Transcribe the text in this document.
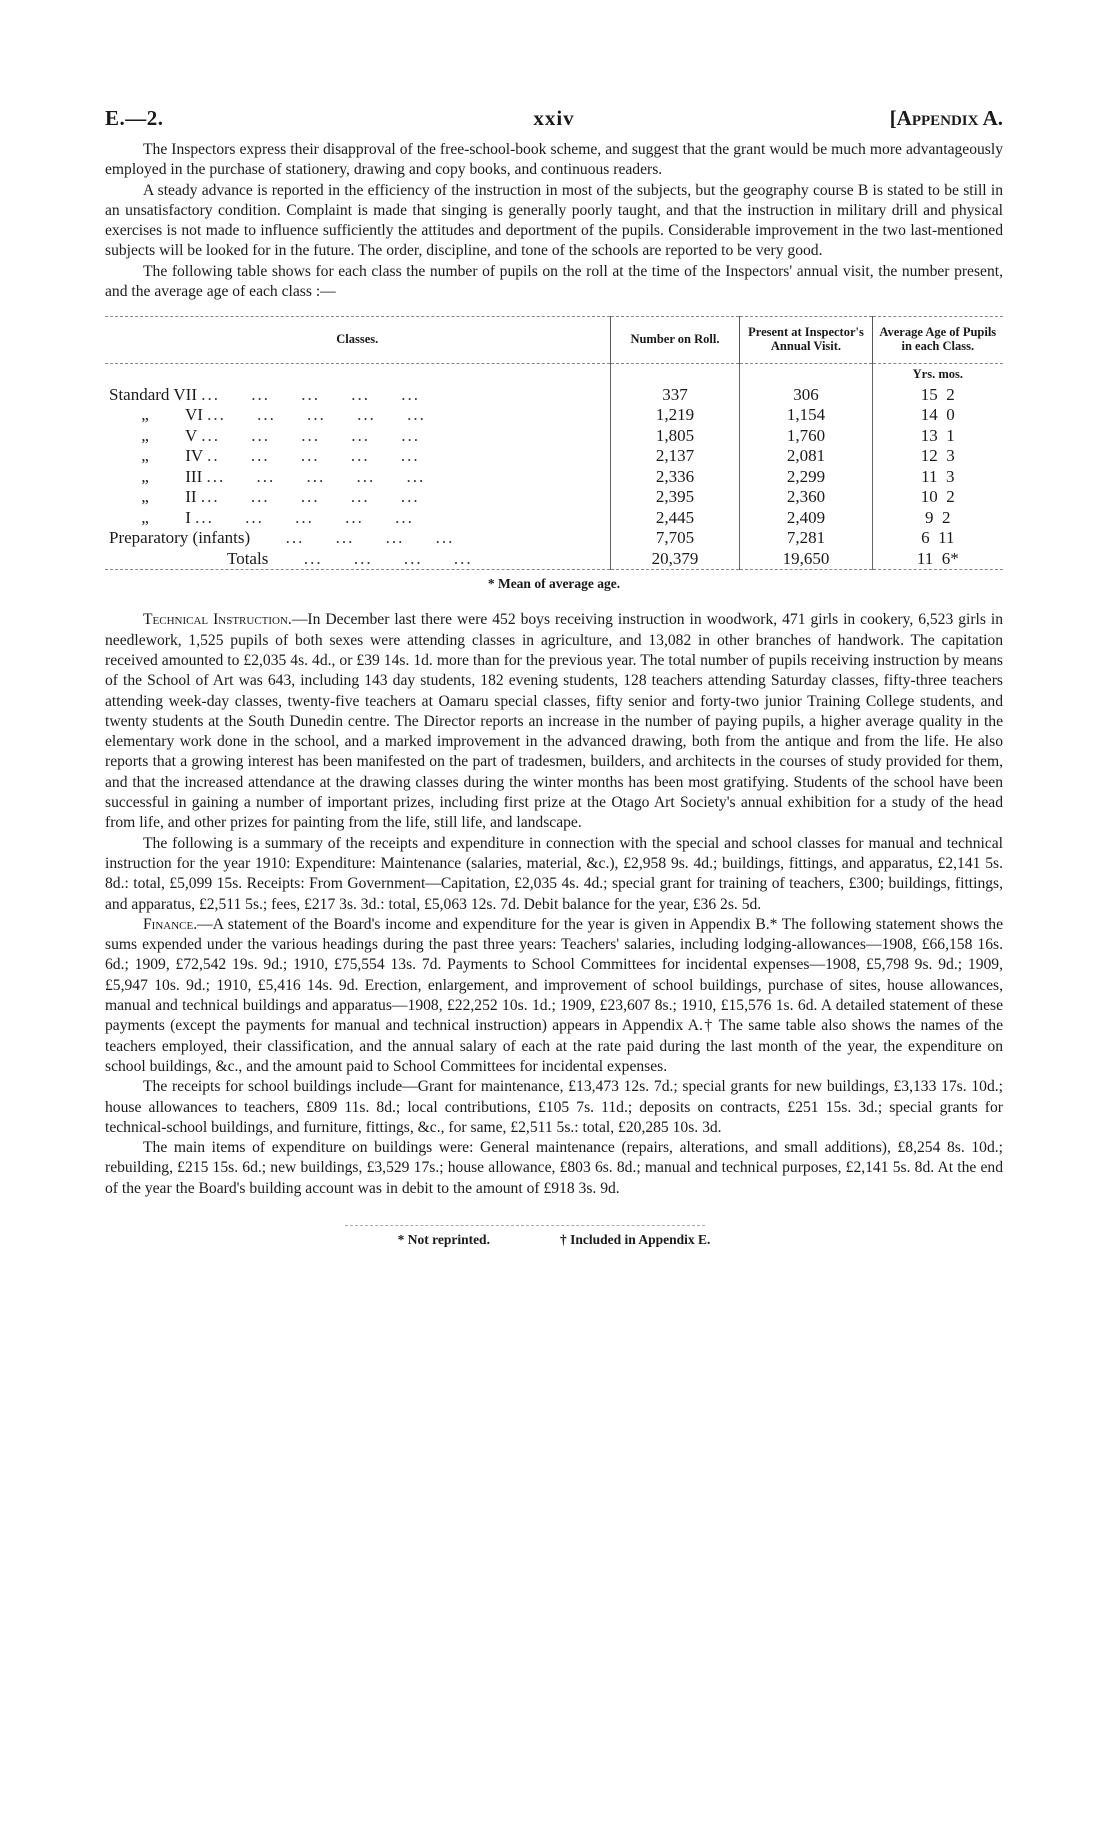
E.—2.	xxiv	[Appendix A.

The Inspectors express their disapproval of the free-school-book scheme, and suggest that the grant would be much more advantageously employed in the purchase of stationery, drawing and copy books, and continuous readers.

A steady advance is reported in the efficiency of the instruction in most of the subjects, but the geography course B is stated to be still in an unsatisfactory condition. Complaint is made that singing is generally poorly taught, and that the instruction in military drill and physical exercises is not made to influence sufficiently the attitudes and deportment of the pupils. Considerable improvement in the two last-mentioned subjects will be looked for in the future. The order, discipline, and tone of the schools are reported to be very good.

The following table shows for each class the number of pupils on the roll at the time of the Inspectors' annual visit, the number present, and the average age of each class :—

Classes.	Number on Roll.	Present at Inspector's Annual Visit.	Average Age of Pupils in each Class.
			Yrs. mos.
Standard VII ...     ...     ...     ...     ...	337	306	15 2
„ VI ...     ...     ...     ...     ...	1,219	1,154	14 0
„ V ...     ...     ...     ...     ...	1,805	1,760	13 1
„ IV ..     ...     ...     ...     ...	2,137	2,081	12 3
„ III ...     ...     ...     ...     ...	2,336	2,299	11 3
„ II ...     ...     ...     ...     ...	2,395	2,360	10 2
„ I ...     ...     ...     ...     ...	2,445	2,409	9 2
Preparatory (infants)      ...     ...     ...     ...	7,705	7,281	6 11
Totals      ...     ...     ...     ...	20,379	19,650	11 6*
* Mean of average age.

Technical Instruction.—In December last there were 452 boys receiving instruction in woodwork, 471 girls in cookery, 6,523 girls in needlework, 1,525 pupils of both sexes were attending classes in agriculture, and 13,082 in other branches of handwork. The capitation received amounted to £2,035 4s. 4d., or £39 14s. 1d. more than for the previous year. The total number of pupils receiving instruction by means of the School of Art was 643, including 143 day students, 182 evening students, 128 teachers attending Saturday classes, fifty-three teachers attending week-day classes, twenty-five teachers at Oamaru special classes, fifty senior and forty-two junior Training College students, and twenty students at the South Dunedin centre. The Director reports an increase in the number of paying pupils, a higher average quality in the elementary work done in the school, and a marked improvement in the advanced drawing, both from the antique and from the life. He also reports that a growing interest has been manifested on the part of tradesmen, builders, and architects in the courses of study provided for them, and that the increased attendance at the drawing classes during the winter months has been most gratifying. Students of the school have been successful in gaining a number of important prizes, including first prize at the Otago Art Society's annual exhibition for a study of the head from life, and other prizes for painting from the life, still life, and landscape.

The following is a summary of the receipts and expenditure in connection with the special and school classes for manual and technical instruction for the year 1910: Expenditure: Maintenance (salaries, material, &c.), £2,958 9s. 4d.; buildings, fittings, and apparatus, £2,141 5s. 8d.: total, £5,099 15s. Receipts: From Government—Capitation, £2,035 4s. 4d.; special grant for training of teachers, £300; buildings, fittings, and apparatus, £2,511 5s.; fees, £217 3s. 3d.: total, £5,063 12s. 7d. Debit balance for the year, £36 2s. 5d.

Finance.—A statement of the Board's income and expenditure for the year is given in Appendix B.* The following statement shows the sums expended under the various headings during the past three years: Teachers' salaries, including lodging-allowances—1908, £66,158 16s. 6d.; 1909, £72,542 19s. 9d.; 1910, £75,554 13s. 7d. Payments to School Committees for incidental expenses—1908, £5,798 9s. 9d.; 1909, £5,947 10s. 9d.; 1910, £5,416 14s. 9d. Erection, enlargement, and improvement of school buildings, purchase of sites, house allowances, manual and technical buildings and apparatus—1908, £22,252 10s. 1d.; 1909, £23,607 8s.; 1910, £15,576 1s. 6d. A detailed statement of these payments (except the payments for manual and technical instruction) appears in Appendix A.† The same table also shows the names of the teachers employed, their classification, and the annual salary of each at the rate paid during the last month of the year, the expenditure on school buildings, &c., and the amount paid to School Committees for incidental expenses.

The receipts for school buildings include—Grant for maintenance, £13,473 12s. 7d.; special grants for new buildings, £3,133 17s. 10d.; house allowances to teachers, £809 11s. 8d.; local contributions, £105 7s. 11d.; deposits on contracts, £251 15s. 3d.; special grants for technical-school buildings, and furniture, fittings, &c., for same, £2,511 5s.: total, £20,285 10s. 3d.

The main items of expenditure on buildings were: General maintenance (repairs, alterations, and small additions), £8,254 8s. 10d.; rebuilding, £215 15s. 6d.; new buildings, £3,529 17s.; house allowance, £803 6s. 8d.; manual and technical purposes, £2,141 5s. 8d. At the end of the year the Board's building account was in debit to the amount of £918 3s. 9d.

* Not reprinted.	† Included in Appendix E.
